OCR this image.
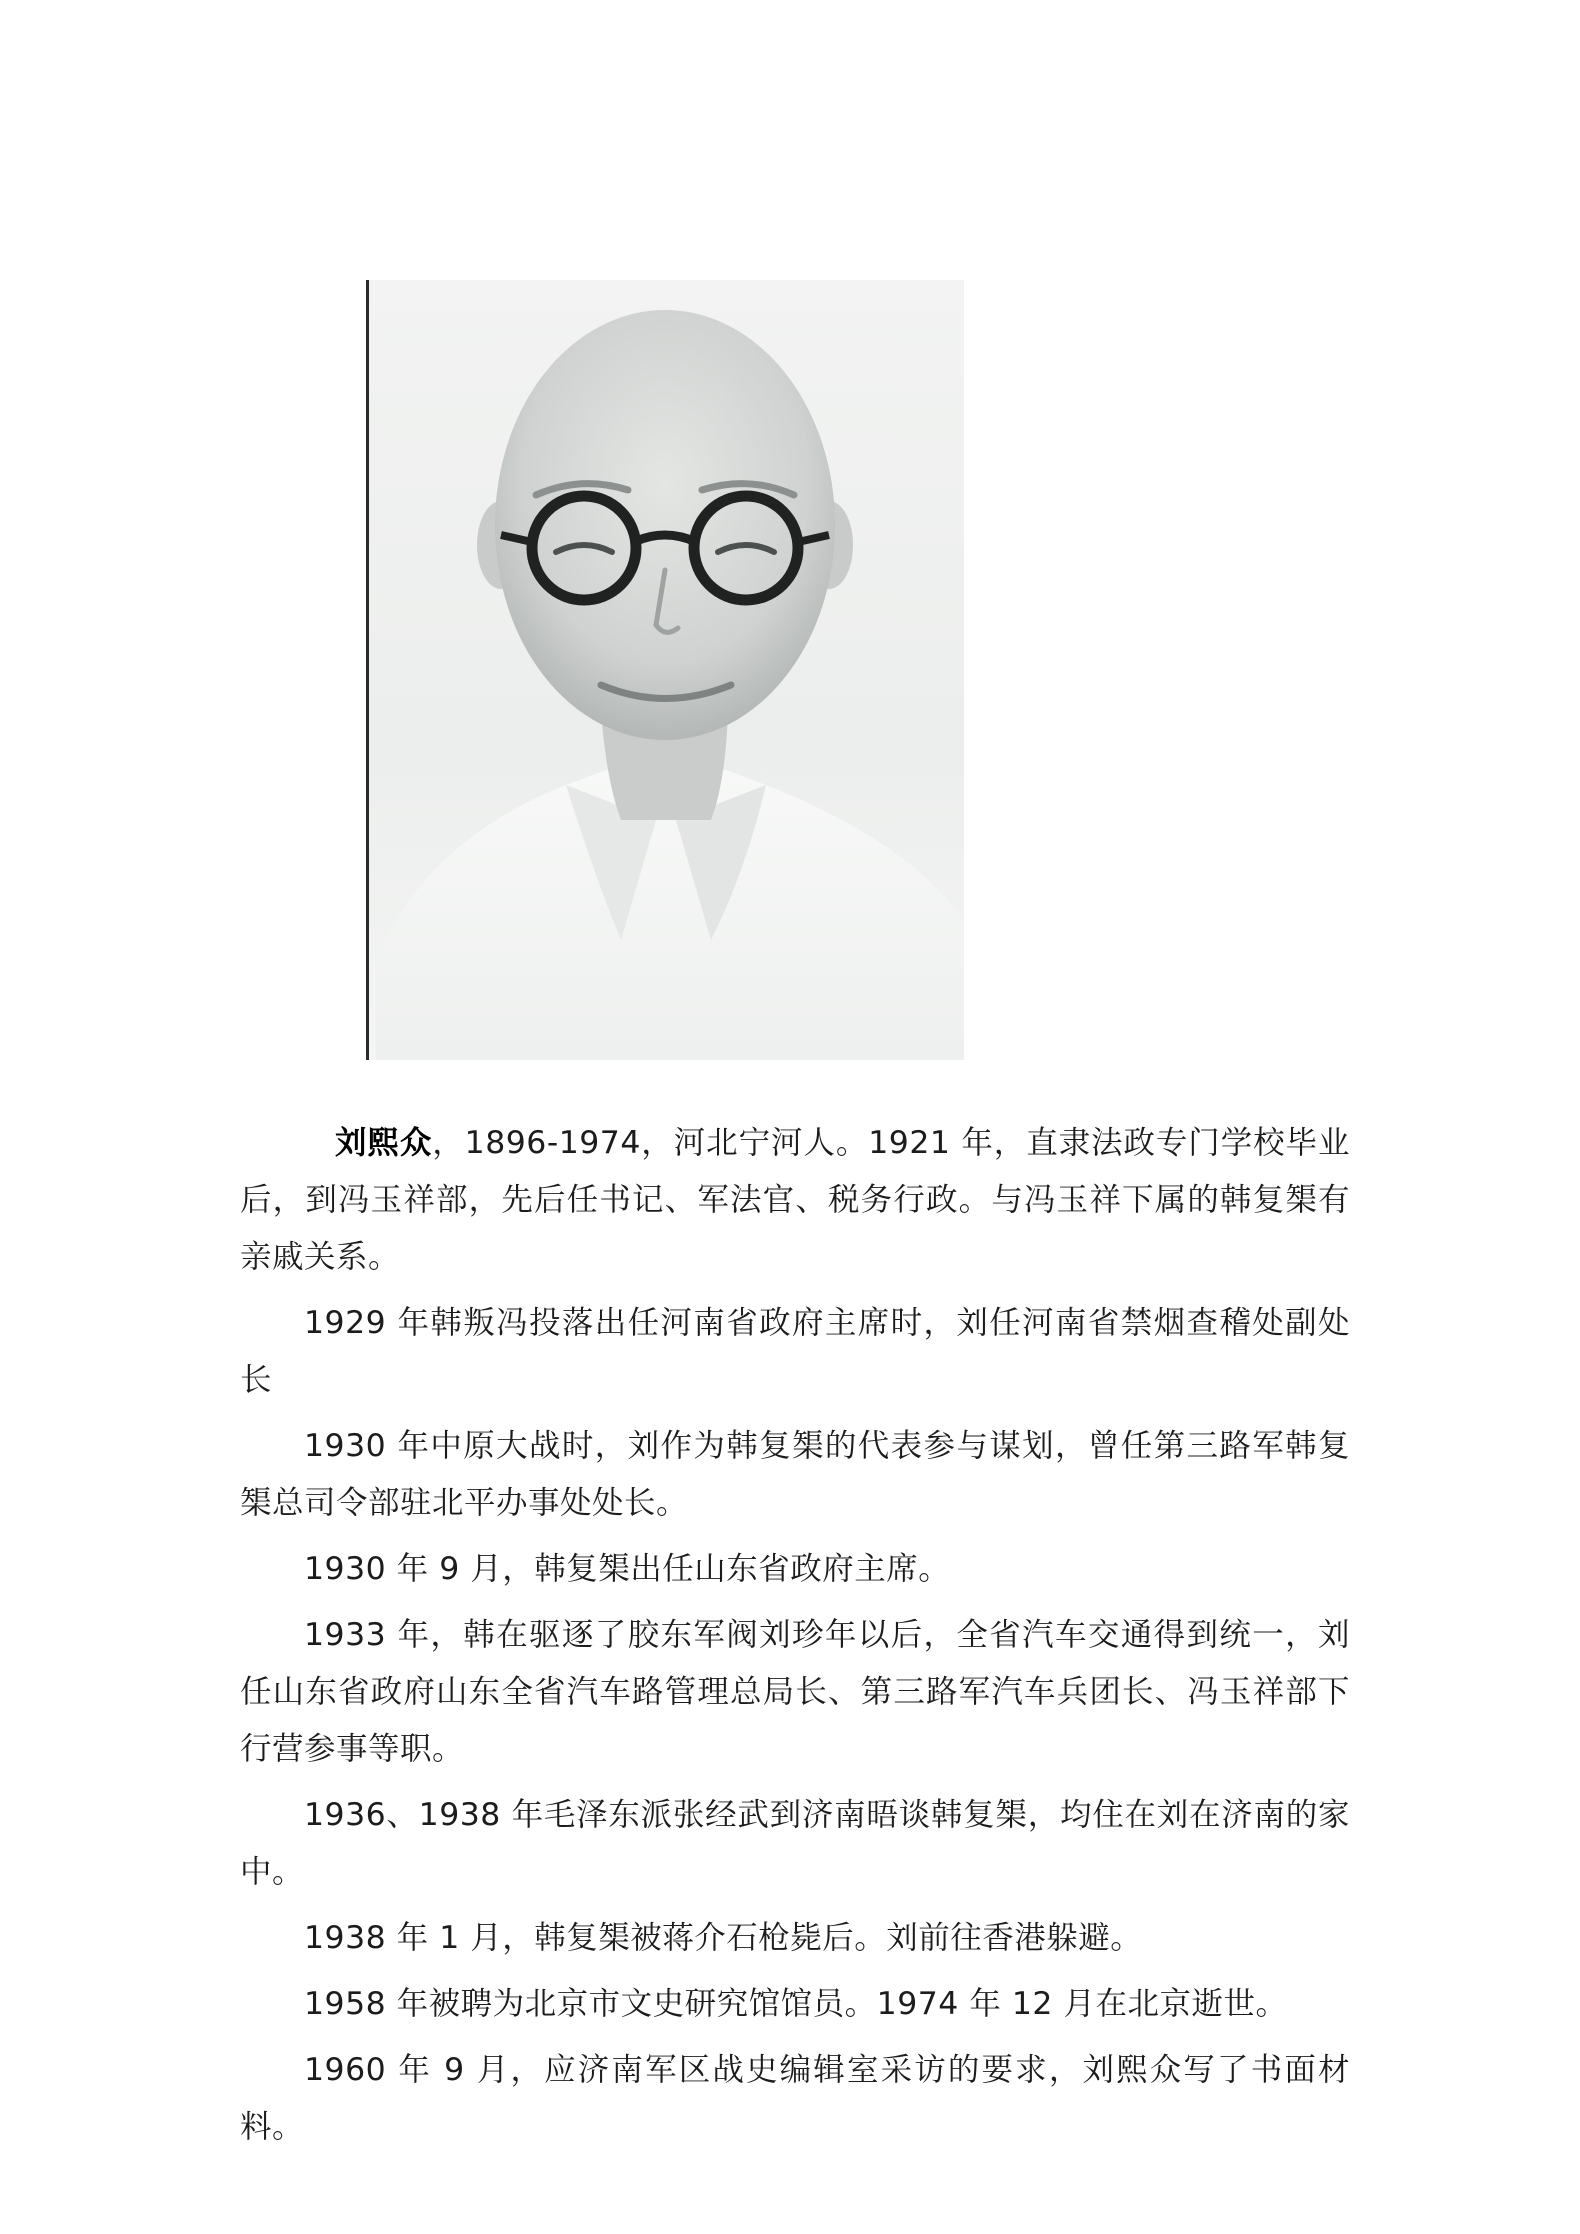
刘熙众，1896-1974，河北宁河人。1921 年，直隶法政专门学校毕业后，到冯玉祥部，先后任书记、军法官、税务行政。与冯玉祥下属的韩复榘有亲戚关系。

1929 年韩叛冯投落出任河南省政府主席时，刘任河南省禁烟查稽处副处长

1930 年中原大战时，刘作为韩复榘的代表参与谋划，曾任第三路军韩复榘总司令部驻北平办事处处长。

1930 年 9 月，韩复榘出任山东省政府主席。

1933 年，韩在驱逐了胶东军阀刘珍年以后，全省汽车交通得到统一，刘任山东省政府山东全省汽车路管理总局长、第三路军汽车兵团长、冯玉祥部下行营参事等职。

1936、1938 年毛泽东派张经武到济南晤谈韩复榘，均住在刘在济南的家中。

1938 年 1 月，韩复榘被蒋介石枪毙后。刘前往香港躲避。

1958 年被聘为北京市文史研究馆馆员。1974 年 12 月在北京逝世。

1960 年 9 月，应济南军区战史编辑室采访的要求，刘熙众写了书面材料。
